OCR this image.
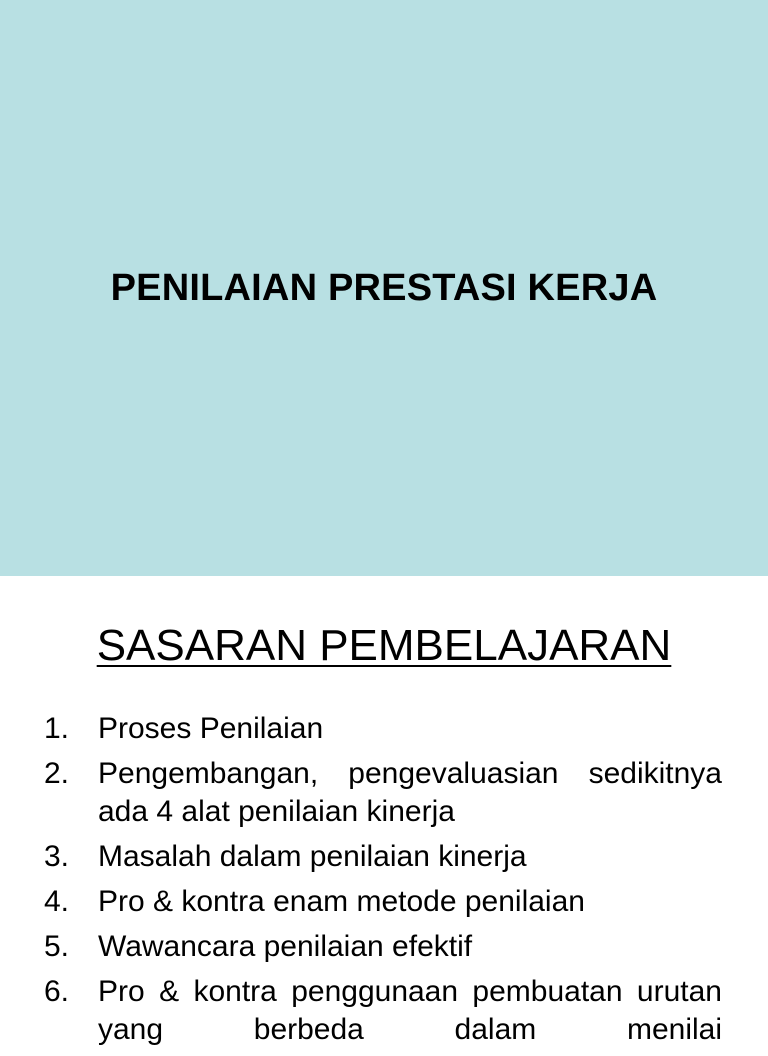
PENILAIAN PRESTASI KERJA
SASARAN PEMBELAJARAN
1. Proses Penilaian
2. Pengembangan, pengevaluasian sedikitnya ada 4 alat penilaian kinerja
3. Masalah dalam penilaian kinerja
4. Pro & kontra enam metode penilaian
5. Wawancara penilaian efektif
6. Pro & kontra penggunaan pembuatan urutan yang berbeda dalam menilai
